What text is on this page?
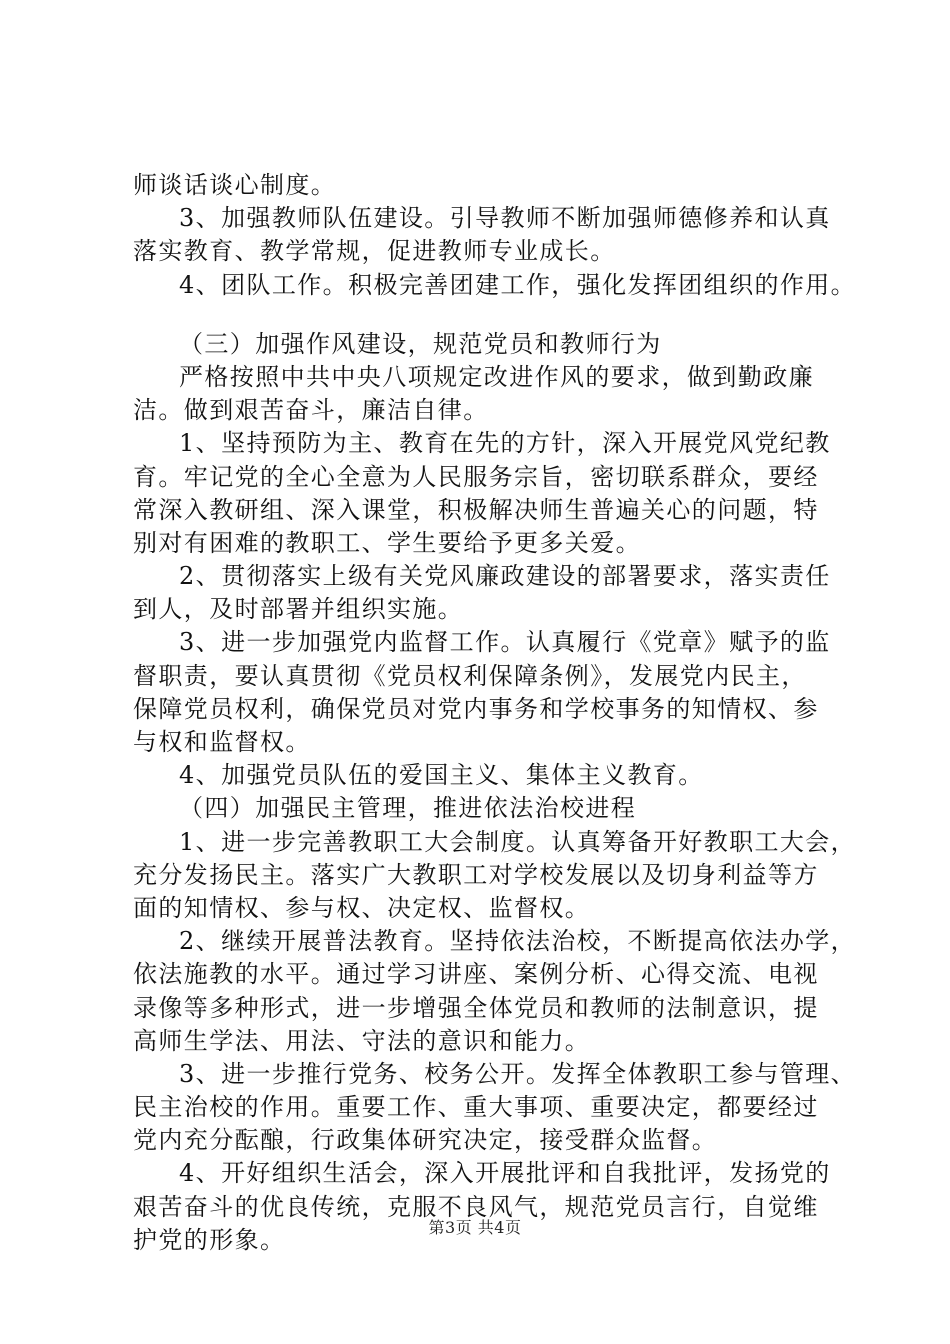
师谈话谈心制度。
3、加强教师队伍建设。引导教师不断加强师德修养和认真
落实教育、教学常规，促进教师专业成长。
4、团队工作。积极完善团建工作，强化发挥团组织的作用。
（三）加强作风建设，规范党员和教师行为
严格按照中共中央八项规定改进作风的要求，做到勤政廉
洁。做到艰苦奋斗，廉洁自律。
1、坚持预防为主、教育在先的方针，深入开展党风党纪教
育。牢记党的全心全意为人民服务宗旨，密切联系群众，要经
常深入教研组、深入课堂，积极解决师生普遍关心的问题，特
别对有困难的教职工、学生要给予更多关爱。
2、贯彻落实上级有关党风廉政建设的部署要求，落实责任
到人，及时部署并组织实施。
3、进一步加强党内监督工作。认真履行《党章》赋予的监
督职责，要认真贯彻《党员权利保障条例》，发展党内民主，
保障党员权利，确保党员对党内事务和学校事务的知情权、参
与权和监督权。
4、加强党员队伍的爱国主义、集体主义教育。
（四）加强民主管理，推进依法治校进程
1、进一步完善教职工大会制度。认真筹备开好教职工大会，
充分发扬民主。落实广大教职工对学校发展以及切身利益等方
面的知情权、参与权、决定权、监督权。
2、继续开展普法教育。坚持依法治校，不断提高依法办学，
依法施教的水平。通过学习讲座、案例分析、心得交流、电视
录像等多种形式，进一步增强全体党员和教师的法制意识，提
高师生学法、用法、守法的意识和能力。
3、进一步推行党务、校务公开。发挥全体教职工参与管理、
民主治校的作用。重要工作、重大事项、重要决定，都要经过
党内充分酝酿，行政集体研究决定，接受群众监督。
4、开好组织生活会，深入开展批评和自我批评，发扬党的
艰苦奋斗的优良传统，克服不良风气，规范党员言行，自觉维
护党的形象。	第3页 共4页
